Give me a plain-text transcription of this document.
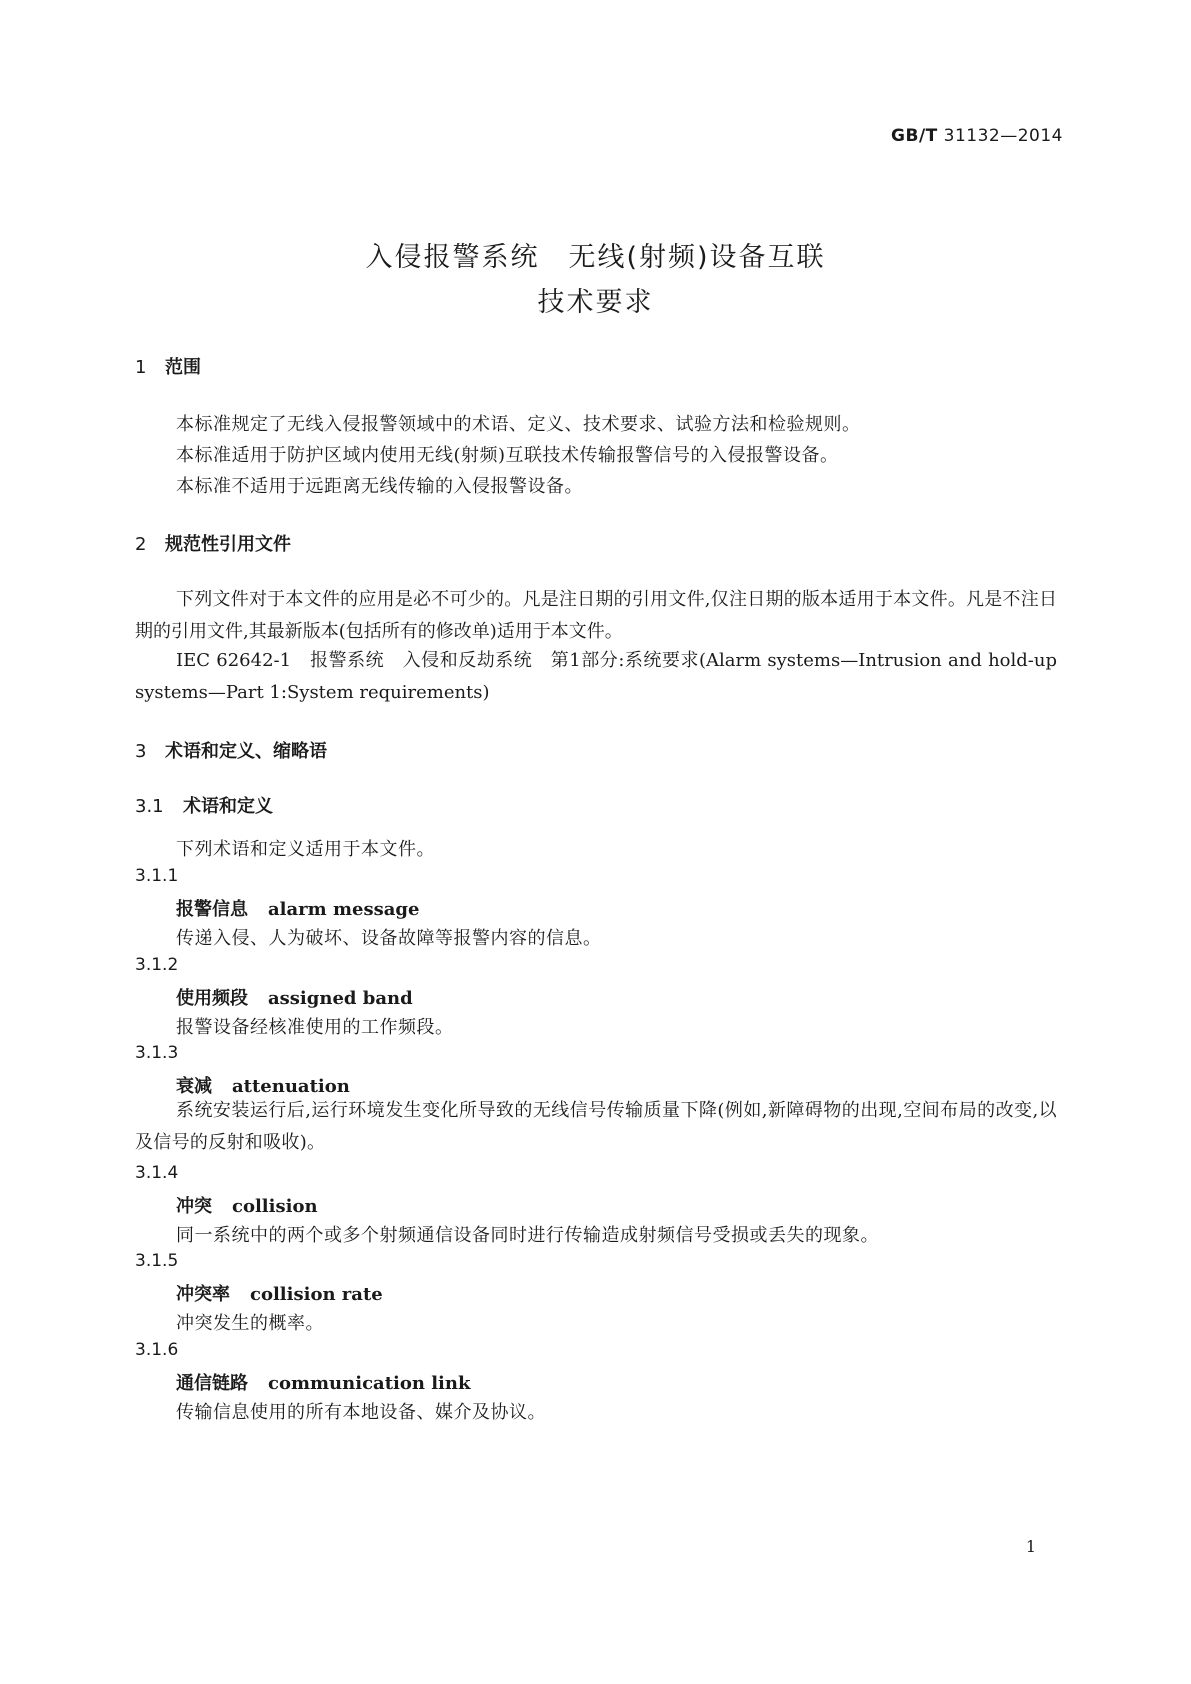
GB/T 31132—2014
入侵报警系统　无线(射频)设备互联
技术要求
1 范围
本标准规定了无线入侵报警领域中的术语、定义、技术要求、试验方法和检验规则。
本标准适用于防护区域内使用无线(射频)互联技术传输报警信号的入侵报警设备。
本标准不适用于远距离无线传输的入侵报警设备。
2 规范性引用文件
下列文件对于本文件的应用是必不可少的。凡是注日期的引用文件,仅注日期的版本适用于本文件。凡是不注日期的引用文件,其最新版本(包括所有的修改单)适用于本文件。
IEC 62642-1　报警系统　入侵和反劫系统　第1部分:系统要求(Alarm systems—Intrusion and hold-up systems—Part 1:System requirements)
3 术语和定义、缩略语
3.1 术语和定义
下列术语和定义适用于本文件。
3.1.1
报警信息 alarm message
传递入侵、人为破坏、设备故障等报警内容的信息。
3.1.2
使用频段 assigned band
报警设备经核准使用的工作频段。
3.1.3
衰减 attenuation
系统安装运行后,运行环境发生变化所导致的无线信号传输质量下降(例如,新障碍物的出现,空间布局的改变,以及信号的反射和吸收)。
3.1.4
冲突 collision
同一系统中的两个或多个射频通信设备同时进行传输造成射频信号受损或丢失的现象。
3.1.5
冲突率 collision rate
冲突发生的概率。
3.1.6
通信链路 communication link
传输信息使用的所有本地设备、媒介及协议。
1
